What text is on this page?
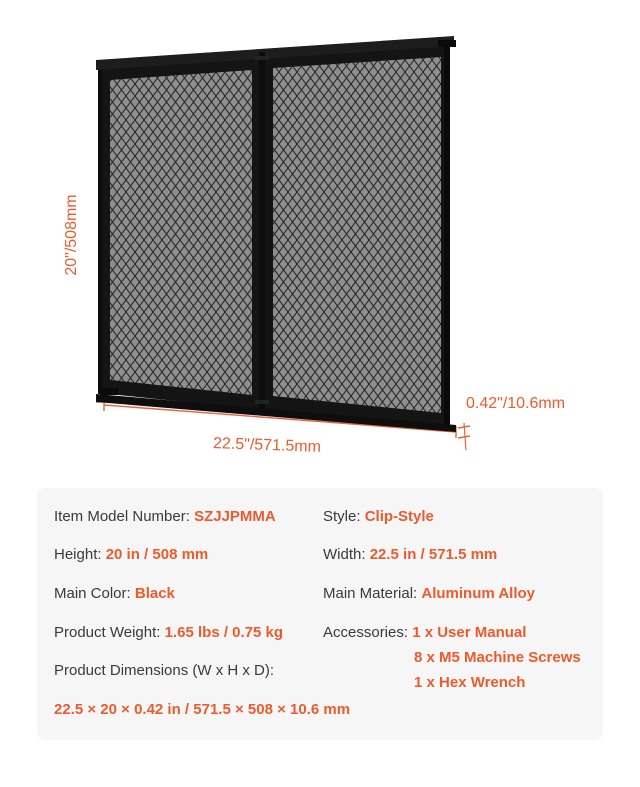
20"/508mm
22.5"/571.5mm
0.42"/10.6mm
Item Model Number: SZJJPMMA	Style: Clip-Style
Height: 20 in / 508 mm	Width: 22.5 in / 571.5 mm
Main Color: Black	Main Material: Aluminum Alloy
Product Weight: 1.65 lbs / 0.75 kg	Accessories: 1 x User Manual
8 x M5 Machine Screws
1 x Hex Wrench
Product Dimensions (W x H x D):
22.5 × 20 × 0.42 in / 571.5 × 508 × 10.6 mm
